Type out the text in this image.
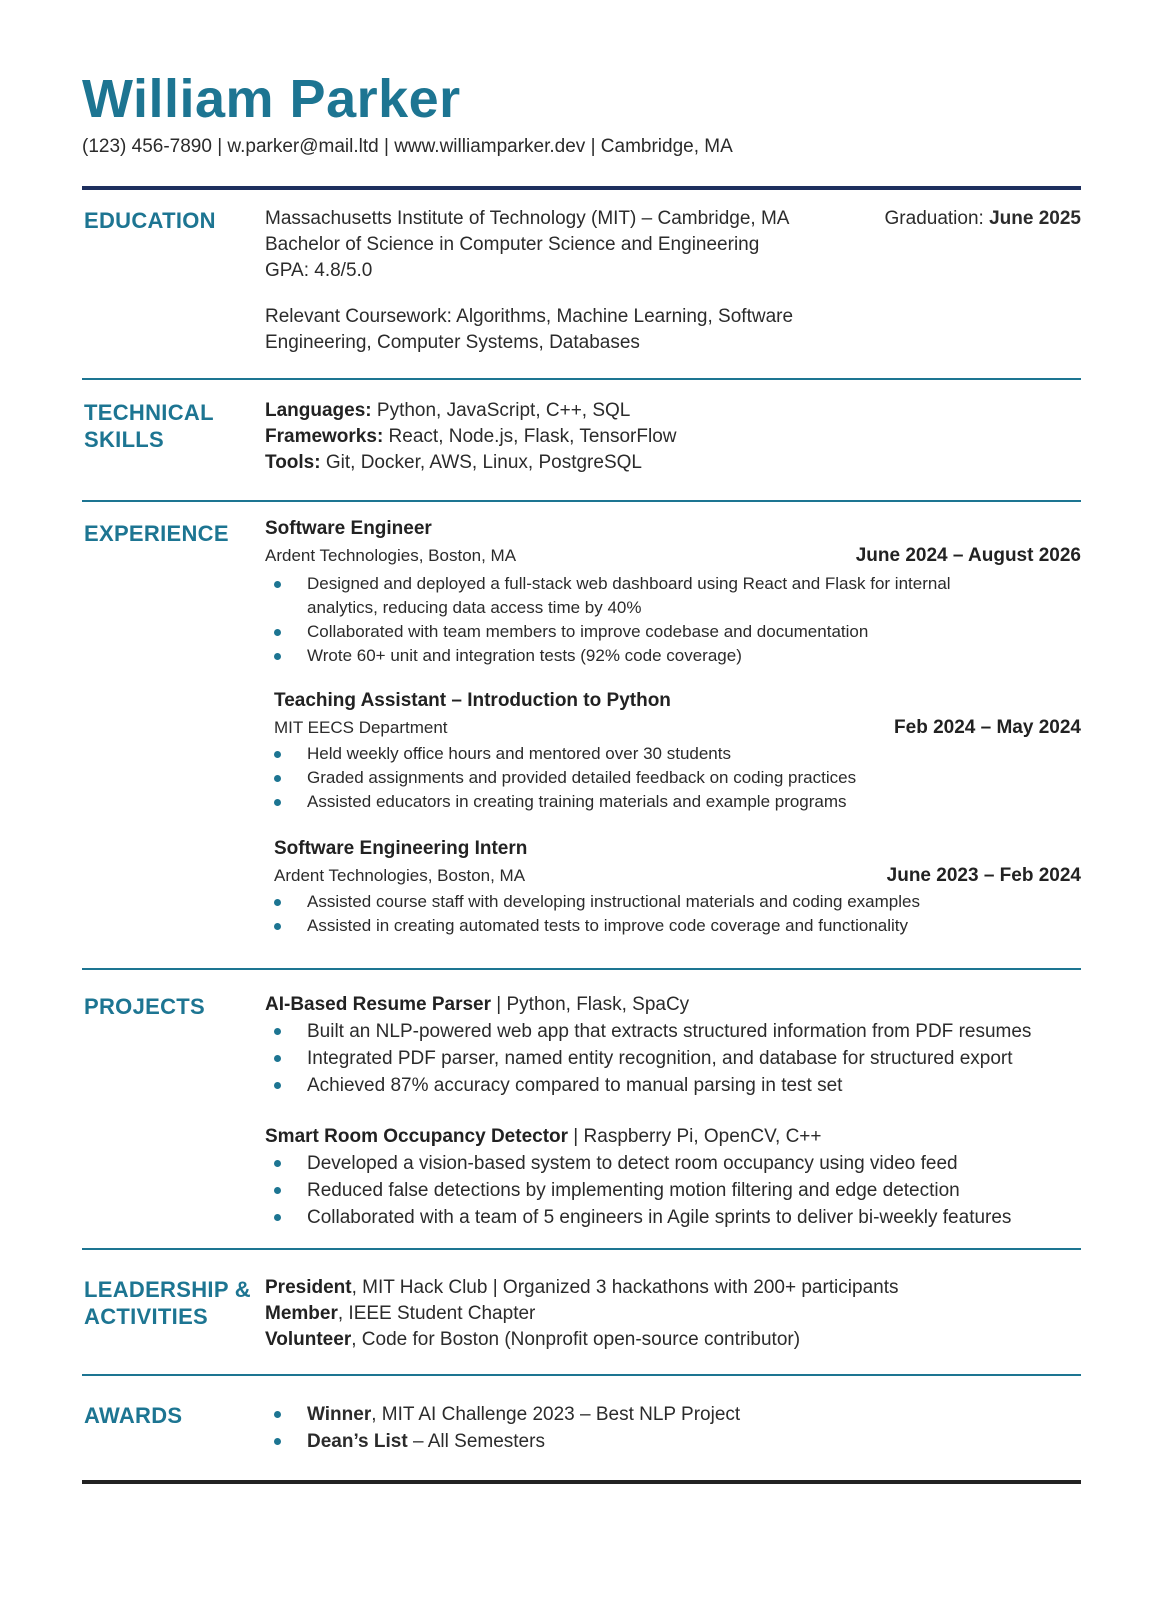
William Parker
(123) 456-7890 | w.parker@mail.ltd | www.williamparker.dev | Cambridge, MA
EDUCATION	Massachusetts Institute of Technology (MIT) – Cambridge, MA	Graduation: June 2025
Bachelor of Science in Computer Science and Engineering
GPA: 4.8/5.0
Relevant Coursework: Algorithms, Machine Learning, Software
Engineering, Computer Systems, Databases
TECHNICAL
SKILLS
Languages: Python, JavaScript, C++, SQL
Frameworks: React, Node.js, Flask, TensorFlow
Tools: Git, Docker, AWS, Linux, PostgreSQL
EXPERIENCE Software Engineer
Ardent Technologies, Boston, MA	June 2024 – August 2026
Designed and deployed a full-stack web dashboard using React and Flask for internal analytics, reducing data access time by 40%
Collaborated with team members to improve codebase and documentation
Wrote 60+ unit and integration tests (92% code coverage)
Teaching Assistant – Introduction to Python
MIT EECS Department	Feb 2024 – May 2024
Held weekly office hours and mentored over 30 students
Graded assignments and provided detailed feedback on coding practices
Assisted educators in creating training materials and example programs
Software Engineering Intern
Ardent Technologies, Boston, MA	June 2023 – Feb 2024
Assisted course staff with developing instructional materials and coding examples
Assisted in creating automated tests to improve code coverage and functionality
PROJECTS	AI-Based Resume Parser | Python, Flask, SpaCy
Built an NLP-powered web app that extracts structured information from PDF resumes
Integrated PDF parser, named entity recognition, and database for structured export
Achieved 87% accuracy compared to manual parsing in test set
Smart Room Occupancy Detector | Raspberry Pi, OpenCV, C++
Developed a vision-based system to detect room occupancy using video feed
Reduced false detections by implementing motion filtering and edge detection
Collaborated with a team of 5 engineers in Agile sprints to deliver bi-weekly features
LEADERSHIP &
ACTIVITIES
President, MIT Hack Club | Organized 3 hackathons with 200+ participants
Member, IEEE Student Chapter
Volunteer, Code for Boston (Nonprofit open-source contributor)
AWARDS	Winner, MIT AI Challenge 2023 – Best NLP Project
Dean’s List – All Semesters
